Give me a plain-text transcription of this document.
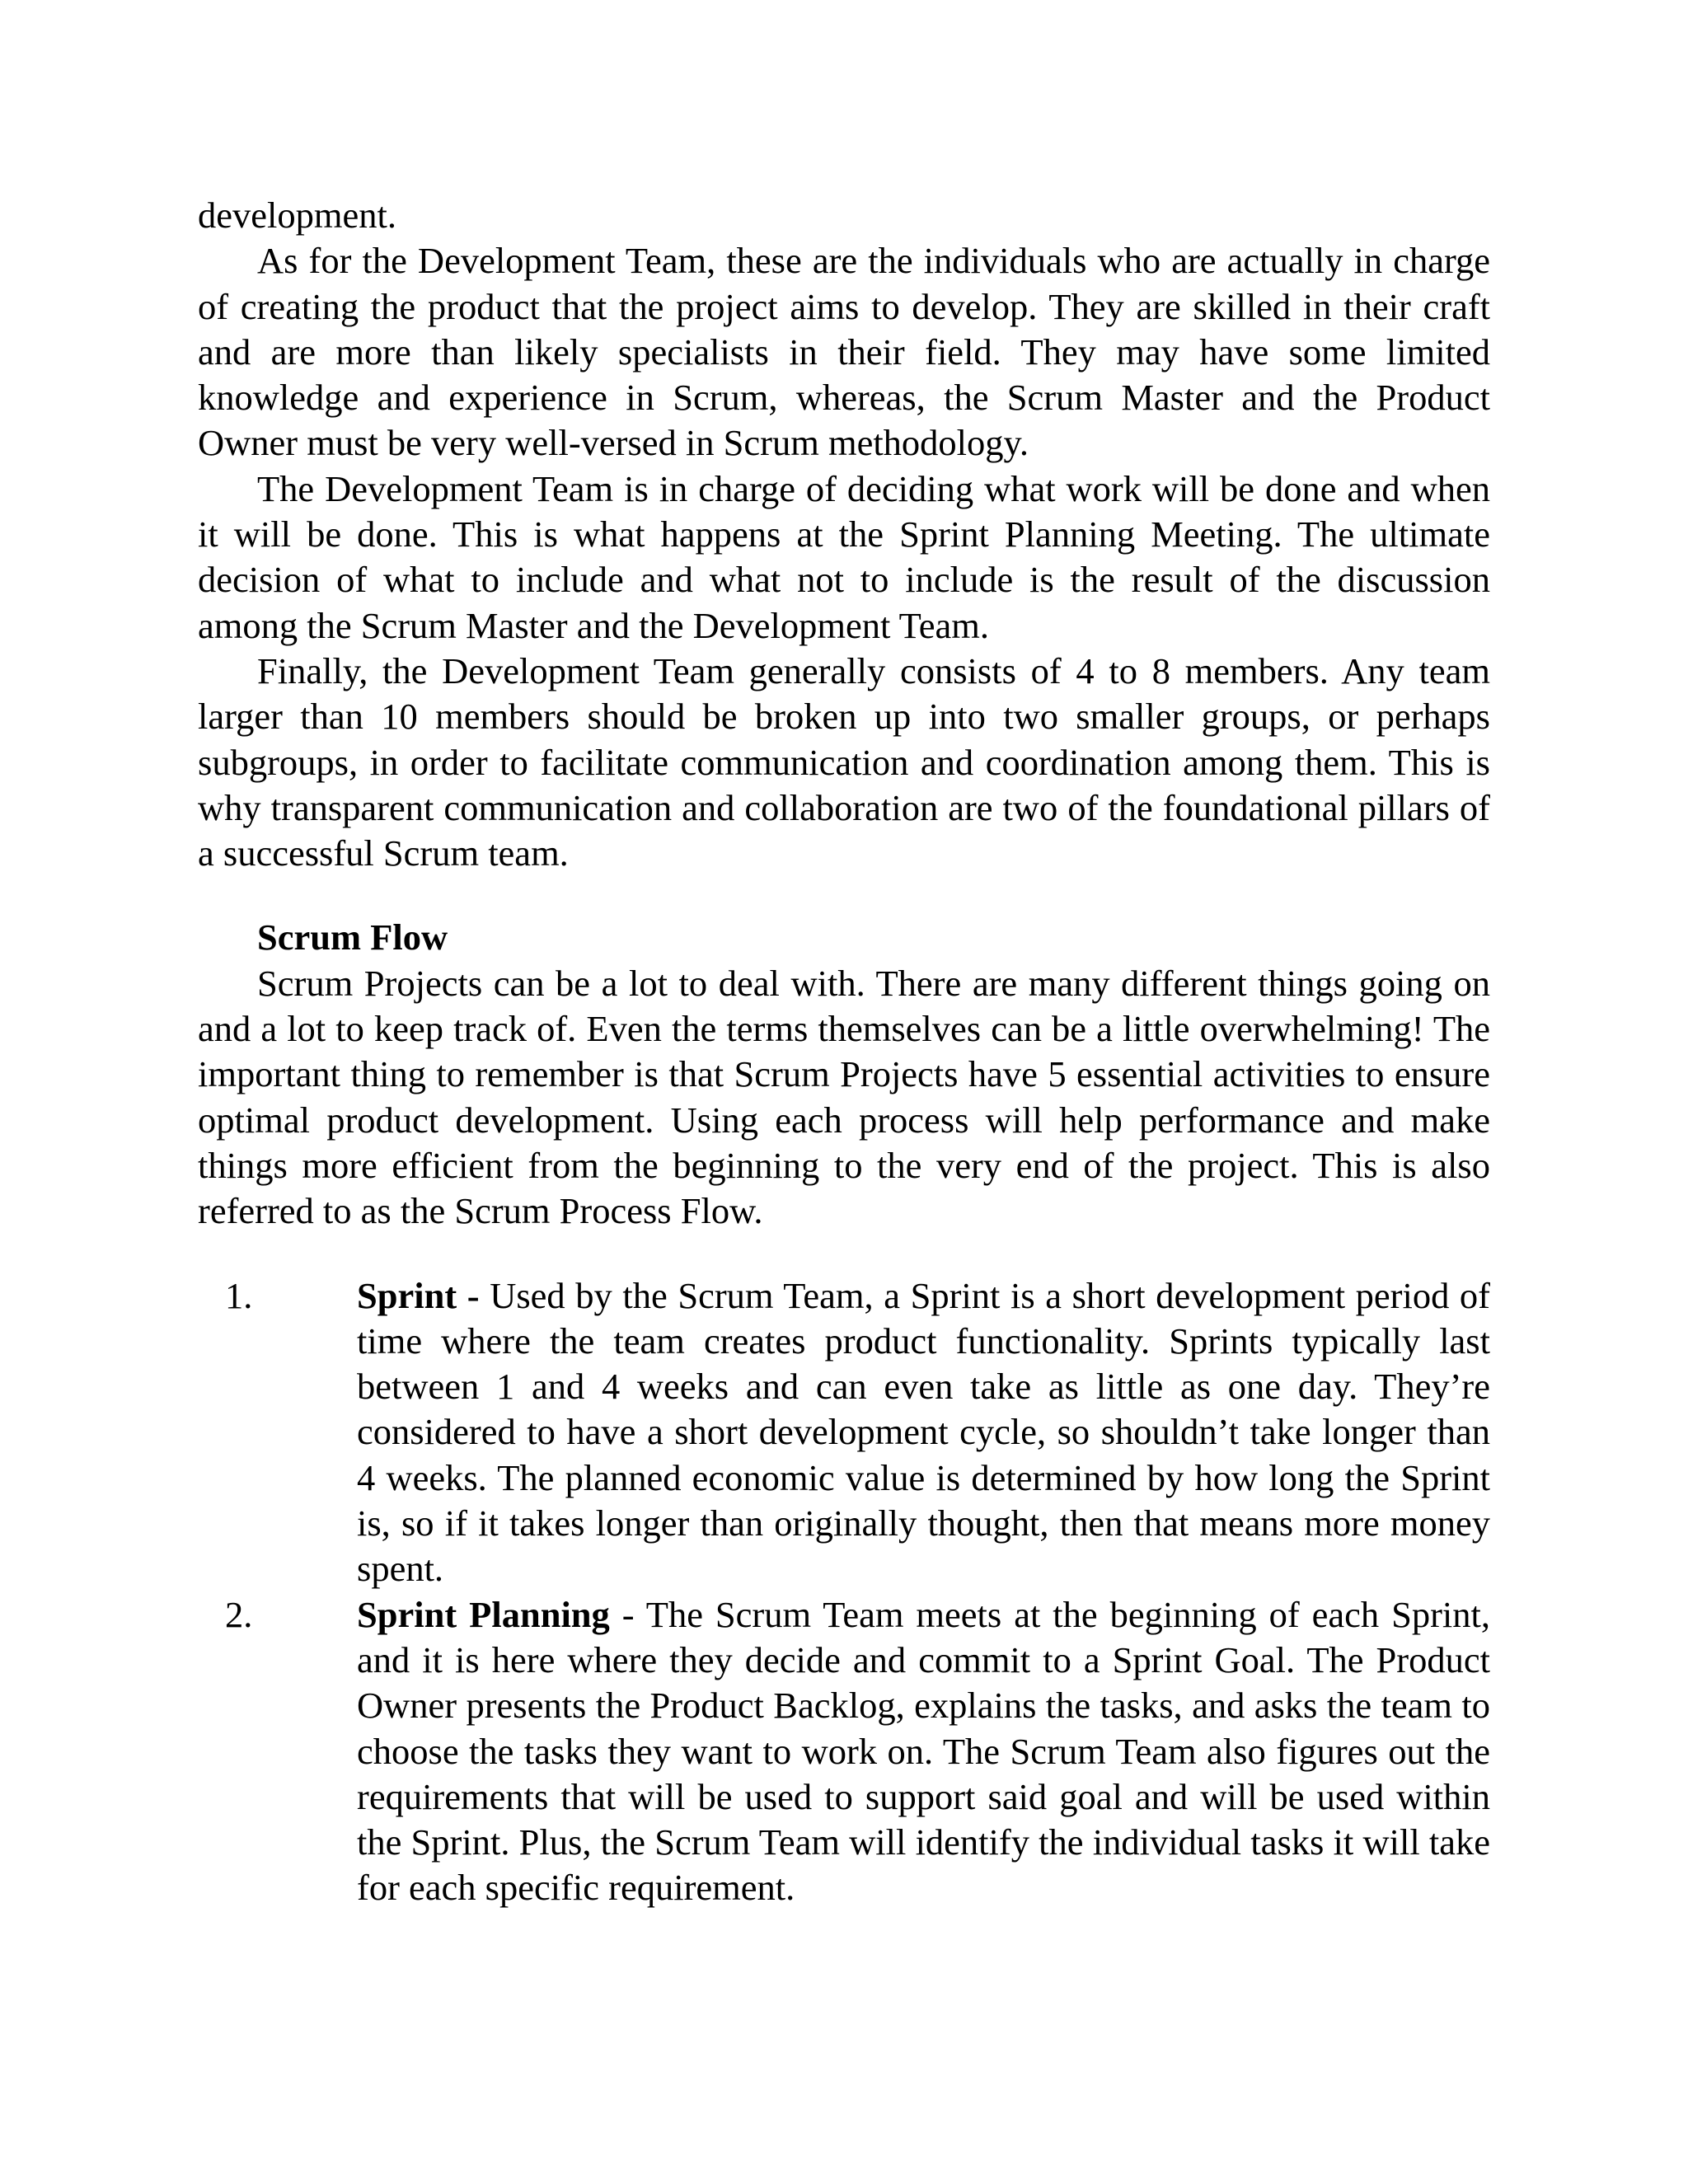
development.

As for the Development Team, these are the individuals who are actually in charge of creating the product that the project aims to develop. They are skilled in their craft and are more than likely specialists in their field. They may have some limited knowledge and experience in Scrum, whereas, the Scrum Master and the Product Owner must be very well-versed in Scrum methodology.

The Development Team is in charge of deciding what work will be done and when it will be done. This is what happens at the Sprint Planning Meeting. The ultimate decision of what to include and what not to include is the result of the discussion among the Scrum Master and the Development Team.

Finally, the Development Team generally consists of 4 to 8 members. Any team larger than 10 members should be broken up into two smaller groups, or perhaps subgroups, in order to facilitate communication and coordination among them. This is why transparent communication and collaboration are two of the foundational pillars of a successful Scrum team.

Scrum Flow

Scrum Projects can be a lot to deal with. There are many different things going on and a lot to keep track of. Even the terms themselves can be a little overwhelming! The important thing to remember is that Scrum Projects have 5 essential activities to ensure optimal product development. Using each process will help performance and make things more efficient from the beginning to the very end of the project. This is also referred to as the Scrum Process Flow.

1.	Sprint - Used by the Scrum Team, a Sprint is a short development period of time where the team creates product functionality. Sprints typically last between 1 and 4 weeks and can even take as little as one day. They’re considered to have a short development cycle, so shouldn’t take longer than 4 weeks. The planned economic value is determined by how long the Sprint is, so if it takes longer than originally thought, then that means more money spent.
2.	Sprint Planning - The Scrum Team meets at the beginning of each Sprint, and it is here where they decide and commit to a Sprint Goal. The Product Owner presents the Product Backlog, explains the tasks, and asks the team to choose the tasks they want to work on. The Scrum Team also figures out the requirements that will be used to support said goal and will be used within the Sprint. Plus, the Scrum Team will identify the individual tasks it will take for each specific requirement.
